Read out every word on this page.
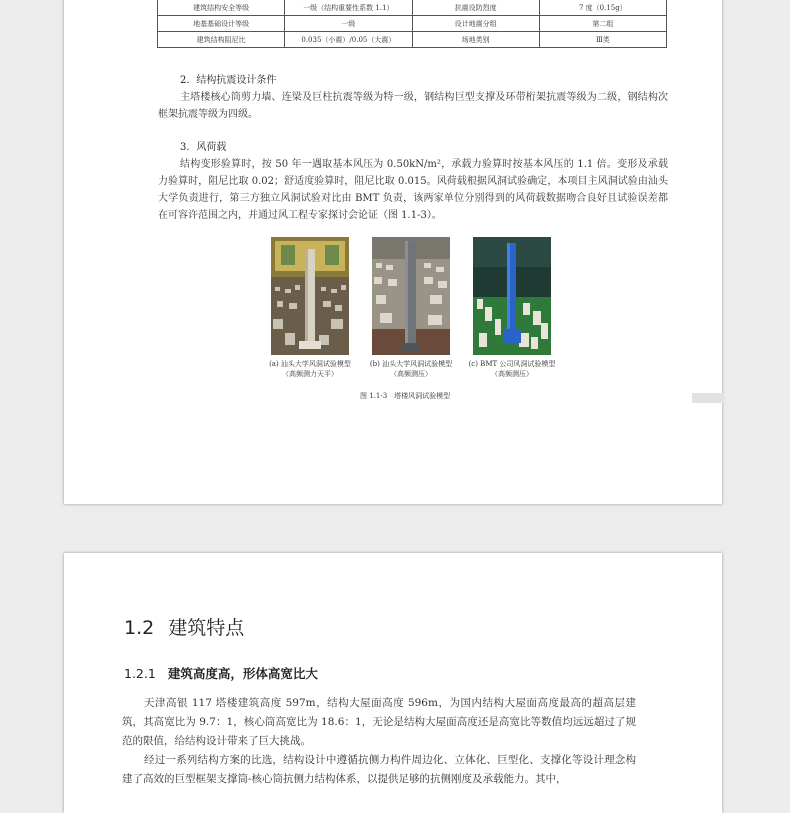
建筑结构安全等级	一级（结构重要性系数 1.1）	抗震设防烈度	7 度（0.15g）
地基基础设计等级	一级	设计地震分组	第二组
建筑结构阻尼比	0.035（小震）/0.05（大震）	场地类别	Ⅲ类
2．结构抗震设计条件

主塔楼核心筒剪力墙、连梁及巨柱抗震等级为特一级，钢结构巨型支撑及环带桁架抗震等级为二级，钢结构次框架抗震等级为四级。

3．风荷载

结构变形验算时，按 50 年一遇取基本风压为 0.50kN/m²，承载力验算时按基本风压的 1.1 倍。变形及承载力验算时，阻尼比取 0.02；舒适度验算时，阻尼比取 0.015。风荷载根据风洞试验确定，本项目主风洞试验由汕头大学负责进行，第三方独立风洞试验对比由 BMT 负责，该两家单位分别得到的风荷载数据吻合良好且试验误差都在可容许范围之内，并通过风工程专家探讨会论证（图 1.1-3）。

(a) 汕头大学风洞试验模型
（高频测力天平）
(b) 汕头大学风洞试验模型
（高频测压）
(c) BMT 公司风洞试验模型
（高频测压）
图 1.1-3　塔楼风洞试验模型
1.2 建筑特点
1.2.1 建筑高度高，形体高宽比大

天津高银 117 塔楼建筑高度 597m，结构大屋面高度 596m，为国内结构大屋面高度最高的超高层建筑，其高宽比为 9.7：1，核心筒高宽比为 18.6：1，无论是结构大屋面高度还是高宽比等数值均远远超过了规范的限值，给结构设计带来了巨大挑战。

经过一系列结构方案的比选，结构设计中遵循抗侧力构件周边化、立体化、巨型化、支撑化等设计理念构建了高效的巨型框架支撑筒-核心筒抗侧力结构体系，以提供足够的抗侧刚度及承载能力。其中，
